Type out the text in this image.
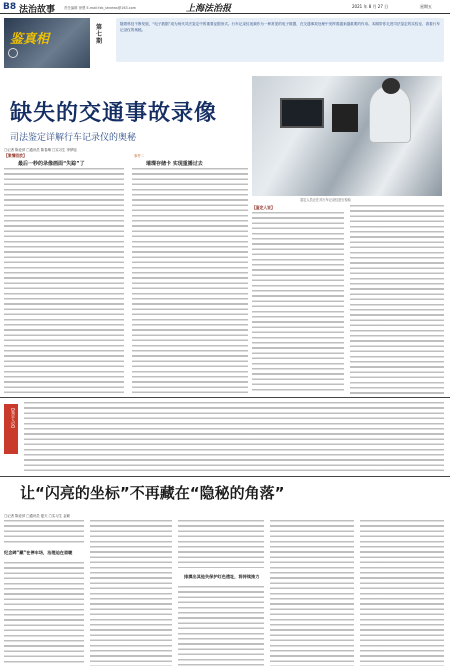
B8 法治故事	责任编辑 徐慧 E-mail:fzb_shnews@163.com	上海法治报	2021 年 8 月 27 日	星期五
鉴真相
第七期
随着科技不断发展，“电子数据”成为现代司法鉴定中的重要证据形式。行车记录仪视频作为一种常见的电子数据，在交通事故处理中发挥着越来越重要的作用。本期带你走进司法鉴定的实验室，看看行车记录仪的奥秘。
缺失的交通事故录像
司法鉴定详解行车记录仪的奥秘
□记者 陈爱萍 □通讯员 陈春琳 □实习生 李梦瑶
鉴定人员正在对行车记录仪进行检验
【案情回放】
最后一秒的录像画面“失踪”了
事件二
璀璨存储卡 实现重播过去
【鉴定人说】
【鉴定人说】
让“闪亮的坐标”不再藏在“隐秘的角落”
□记者 陈爱萍 □通讯员 夏天 □实习生 金颖
纪念碑”藏”在停车场，治理迫在眉睫
排摸出其他失保护红色遗址，将持续推力
